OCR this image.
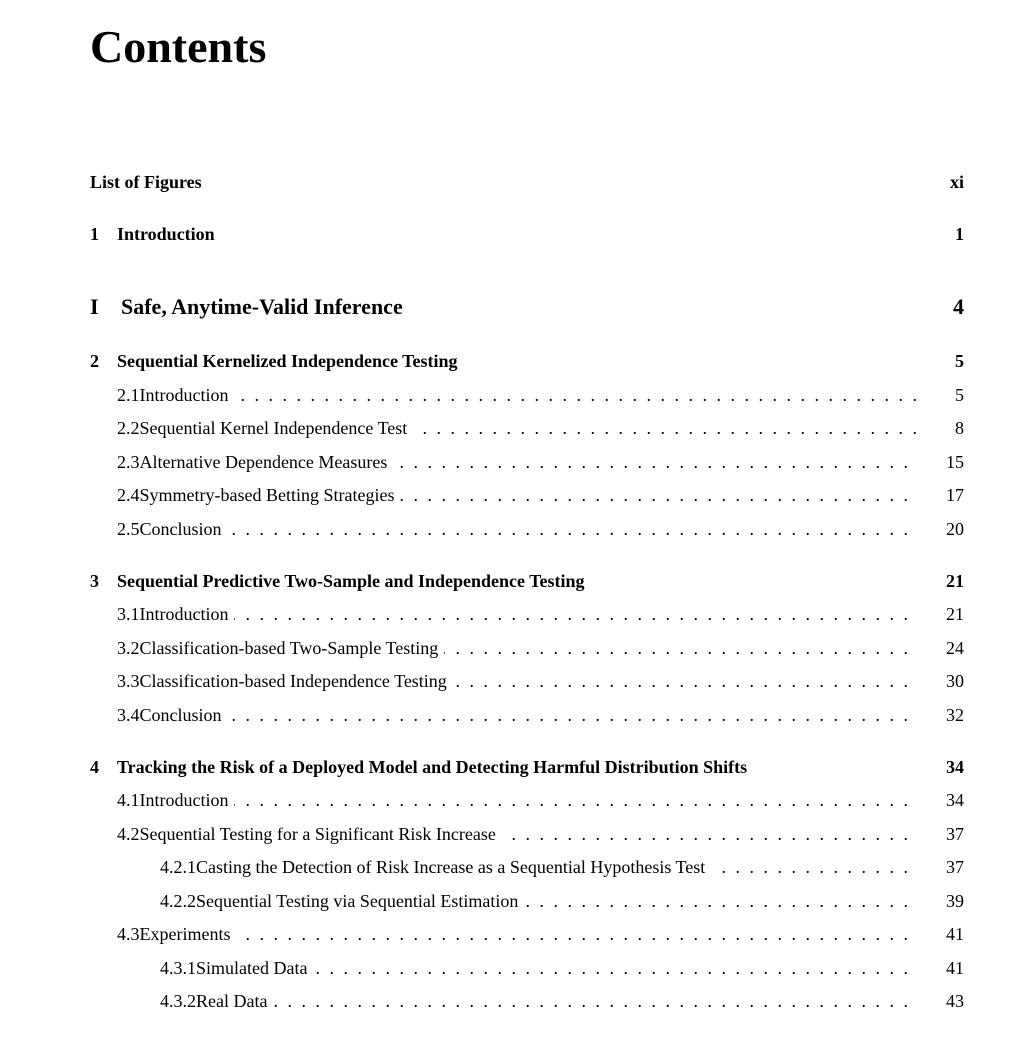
Contents
List of Figures	xi
1	Introduction	1
I	Safe, Anytime-Valid Inference	4
2	Sequential Kernelized Independence Testing	5
2.1 Introduction . . .	5
2.2 Sequential Kernel Independence Test . . .	8
2.3 Alternative Dependence Measures . . .	15
2.4 Symmetry-based Betting Strategies . . .	17
2.5 Conclusion . . .	20
3	Sequential Predictive Two-Sample and Independence Testing	21
3.1 Introduction . . .	21
3.2 Classification-based Two-Sample Testing . . .	24
3.3 Classification-based Independence Testing . . .	30
3.4 Conclusion . . .	32
4	Tracking the Risk of a Deployed Model and Detecting Harmful Distribution Shifts	34
4.1 Introduction . . .	34
4.2 Sequential Testing for a Significant Risk Increase . . .	37
4.2.1 Casting the Detection of Risk Increase as a Sequential Hypothesis Test . . .	37
4.2.2 Sequential Testing via Sequential Estimation . . .	39
4.3 Experiments . . .	41
4.3.1 Simulated Data . . .	41
4.3.2 Real Data . . .	43
